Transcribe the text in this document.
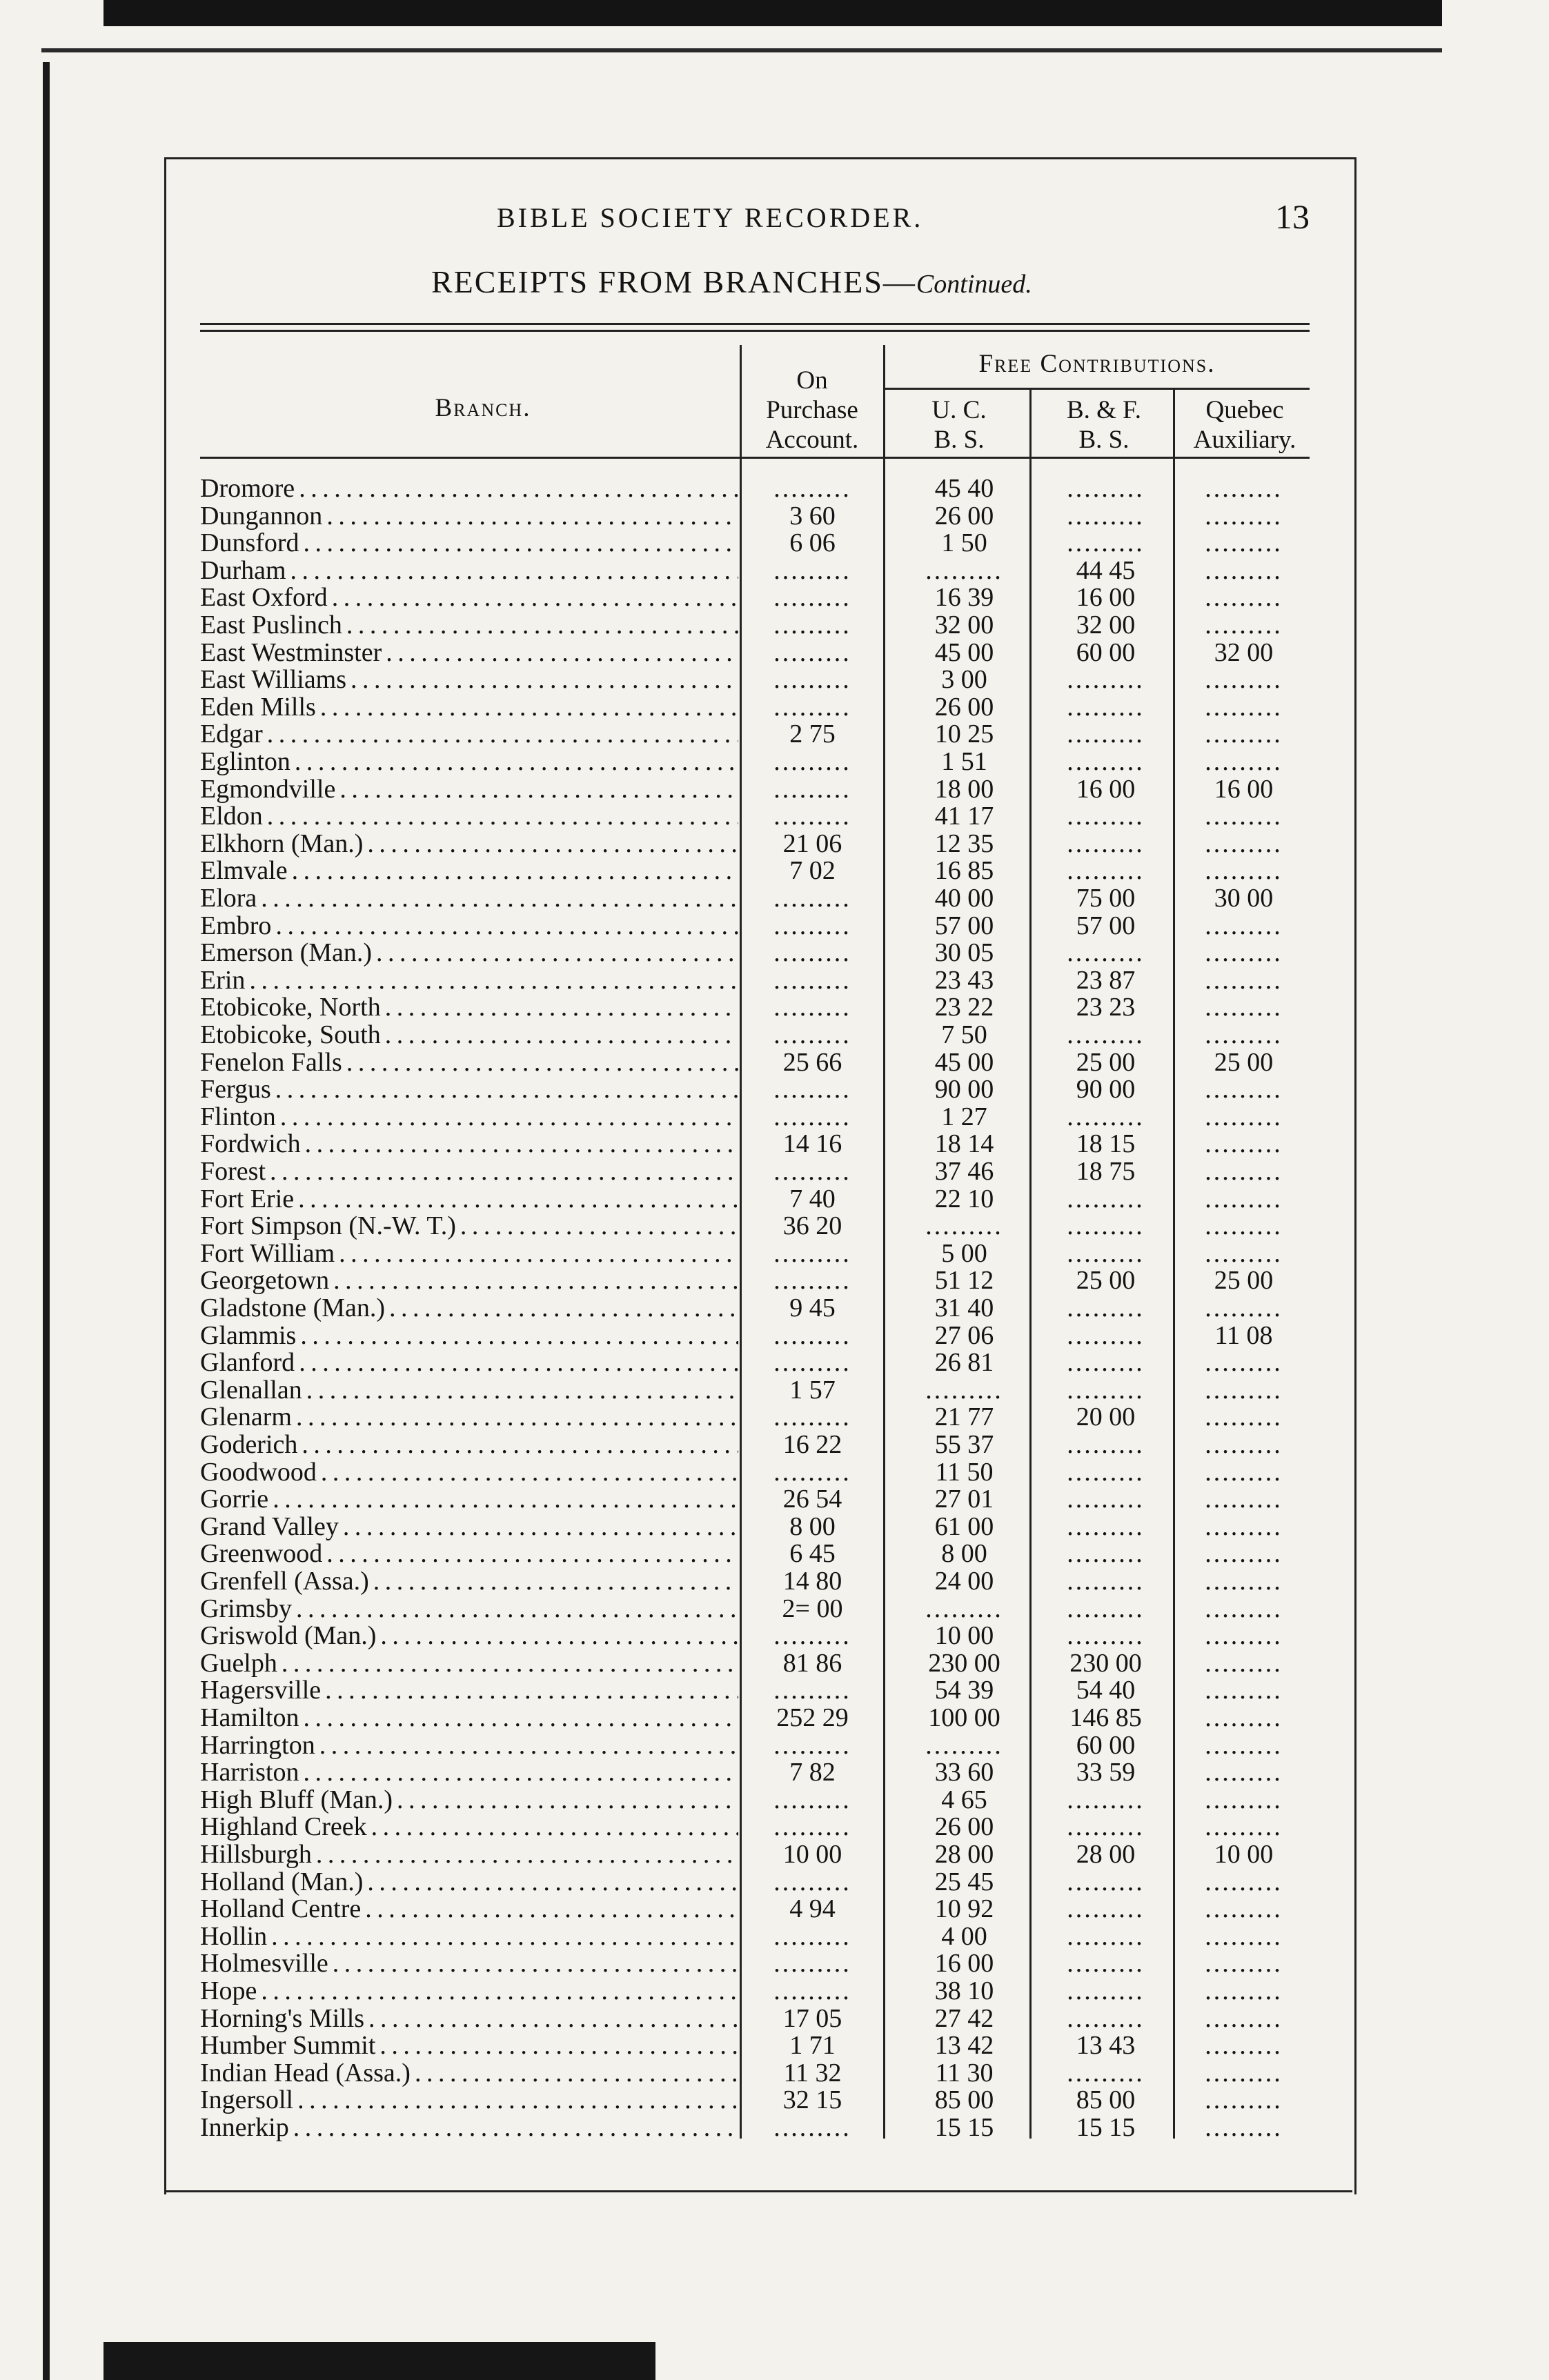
BIBLE SOCIETY RECORDER.	13
RECEIPTS FROM BRANCHES—Continued.
Branch.
On
Purchase
Account.
Free Contributions.
U. C.
B. S.
B. & F.
B. S.
Quebec
Auxiliary.
Dromore . . .	.........	45 40	.........	.........
Dungannon . . .	3 60	26 00	.........	.........
Dunsford . . .	6 06	1 50	.........	.........
Durham . . .	.........	.........	44 45	.........
East Oxford . . .	.........	16 39	16 00	.........
East Puslinch . . .	.........	32 00	32 00	.........
East Westminster . . .	.........	45 00	60 00	32 00
East Williams . . .	.........	3 00	.........	.........
Eden Mills . . .	.........	26 00	.........	.........
Edgar . . .	2 75	10 25	.........	.........
Eglinton . . .	.........	1 51	.........	.........
Egmondville . . .	.........	18 00	16 00	16 00
Eldon . . .	.........	41 17	.........	.........
Elkhorn (Man.) . . .	21 06	12 35	.........	.........
Elmvale . . .	7 02	16 85	.........	.........
Elora . . .	.........	40 00	75 00	30 00
Embro . . .	.........	57 00	57 00	.........
Emerson (Man.) . . .	.........	30 05	.........	.........
Erin . . .	.........	23 43	23 87	.........
Etobicoke, North . . .	.........	23 22	23 23	.........
Etobicoke, South . . .	.........	7 50	.........	.........
Fenelon Falls . . .	25 66	45 00	25 00	25 00
Fergus . . .	.........	90 00	90 00	.........
Flinton . . .	.........	1 27	.........	.........
Fordwich . . .	14 16	18 14	18 15	.........
Forest . . .	.........	37 46	18 75	.........
Fort Erie . . .	7 40	22 10	.........	.........
Fort Simpson (N.-W. T.) . . .	36 20	.........	.........	.........
Fort William . . .	.........	5 00	.........	.........
Georgetown . . .	.........	51 12	25 00	25 00
Gladstone (Man.) . . .	9 45	31 40	.........	.........
Glammis . . .	.........	27 06	.........	11 08
Glanford . . .	.........	26 81	.........	.........
Glenallan . . .	1 57	.........	.........	.........
Glenarm . . .	.........	21 77	20 00	.........
Goderich . . .	16 22	55 37	.........	.........
Goodwood . . .	.........	11 50	.........	.........
Gorrie . . .	26 54	27 01	.........	.........
Grand Valley . . .	8 00	61 00	.........	.........
Greenwood . . .	6 45	8 00	.........	.........
Grenfell (Assa.) . . .	14 80	24 00	.........	.........
Grimsby . . .	2= 00	.........	.........	.........
Griswold (Man.) . . .	.........	10 00	.........	.........
Guelph . . .	81 86	230 00	230 00	.........
Hagersville . . .	.........	54 39	54 40	.........
Hamilton . . .	252 29	100 00	146 85	.........
Harrington . . .	.........	.........	60 00	.........
Harriston . . .	7 82	33 60	33 59	.........
High Bluff (Man.) . . .	.........	4 65	.........	.........
Highland Creek . . .	.........	26 00	.........	.........
Hillsburgh . . .	10 00	28 00	28 00	10 00
Holland (Man.) . . .	.........	25 45	.........	.........
Holland Centre . . .	4 94	10 92	.........	.........
Hollin . . .	.........	4 00	.........	.........
Holmesville . . .	.........	16 00	.........	.........
Hope . . .	.........	38 10	.........	.........
Horning's Mills . . .	17 05	27 42	.........	.........
Humber Summit . . .	1 71	13 42	13 43	.........
Indian Head (Assa.) . . .	11 32	11 30	.........	.........
Ingersoll . . .	32 15	85 00	85 00	.........
Innerkip . . .	.........	15 15	15 15	.........
